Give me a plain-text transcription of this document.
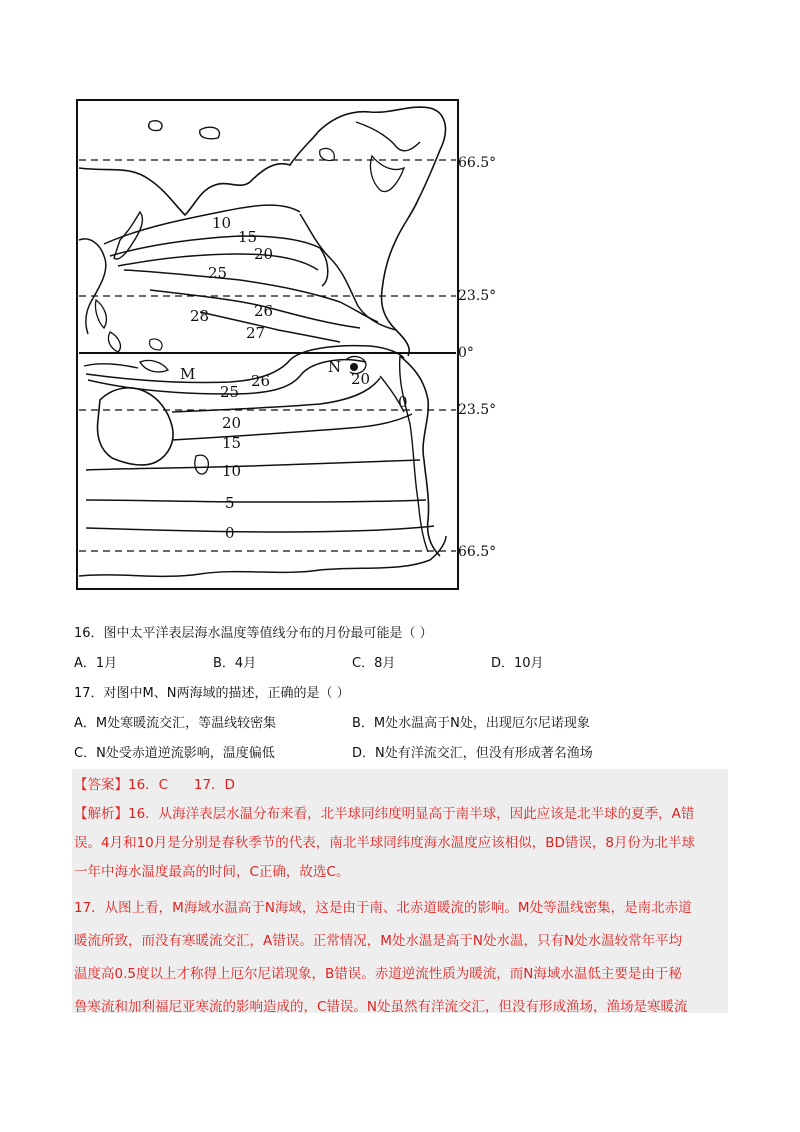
66.5°
23.5°
0°
23.5°
66.5°
10
15
20
25
26
28
27
26
25
20
15
10
5
0
0
M	N
20
16．图中太平洋表层海水温度等值线分布的月份最可能是（ ）
A．1月	B．4月	C．8月	D．10月
17．对图中M、N两海域的描述，正确的是（ ）
A．M处寒暖流交汇，等温线较密集	B．M处水温高于N处，出现厄尔尼诺现象
C．N处受赤道逆流影响，温度偏低	D．N处有洋流交汇，但没有形成著名渔场
【答案】16．C      17．D
【解析】16．从海洋表层水温分布来看，北半球同纬度明显高于南半球，因此应该是北半球的夏季，A错
误。4月和10月是分别是春秋季节的代表，南北半球同纬度海水温度应该相似，BD错误，8月份为北半球
一年中海水温度最高的时间，C正确，故选C。
17．从图上看，M海域水温高于N海域，这是由于南、北赤道暖流的影响。M处等温线密集，是南北赤道
暖流所致，而没有寒暖流交汇，A错误。正常情况，M处水温是高于N处水温，只有N处水温较常年平均
温度高0.5度以上才称得上厄尔尼诺现象，B错误。赤道逆流性质为暖流，而N海域水温低主要是由于秘
鲁寒流和加利福尼亚寒流的影响造成的，C错误。N处虽然有洋流交汇，但没有形成渔场，渔场是寒暖流
